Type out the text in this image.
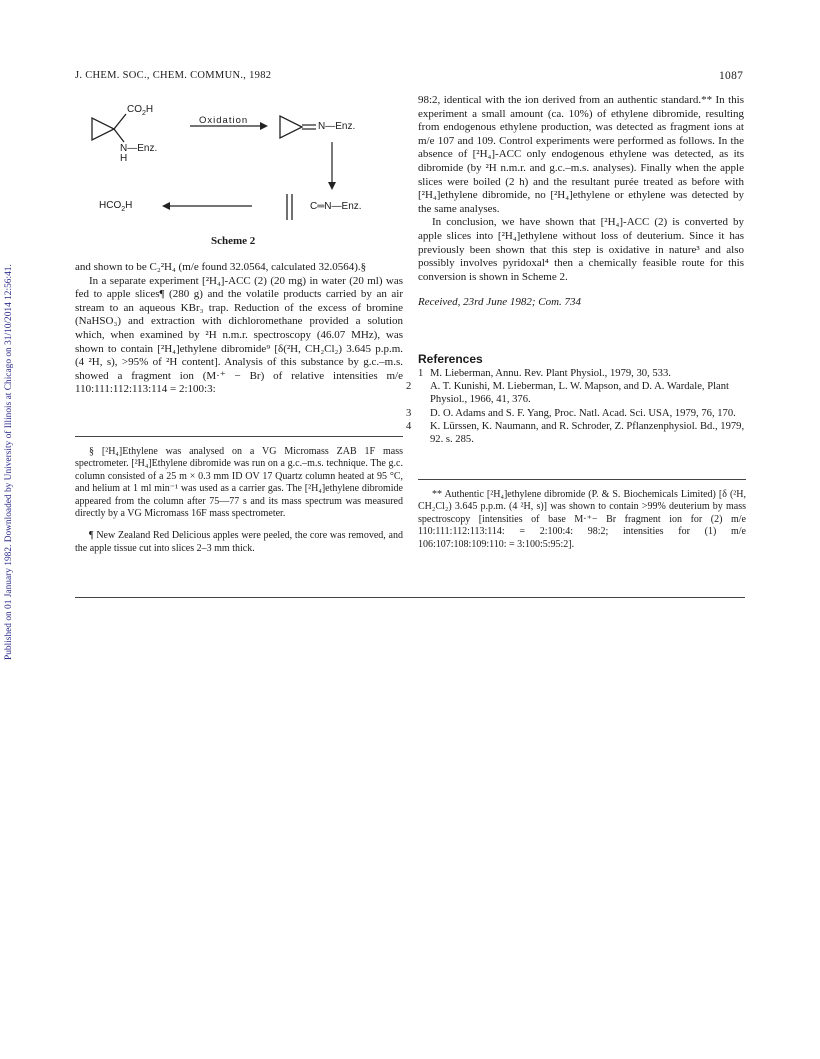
Published on 01 January 1982. Downloaded by University of Illinois at Chicago on 31/10/2014 12:56:41.
J. CHEM. SOC., CHEM. COMMUN., 1982	1087
$CO_2H$
N—Enz.
H
Oxidation
N—Enz.
$HCO_2H$	C═N—Enz.
Scheme 2

and shown to be C₂²H₄ (m/e found 32.0564, calculated 32.0564).§

In a separate experiment [²H₄]-ACC (2) (20 mg) in water (20 ml) was fed to apple slices¶ (280 g) and the volatile products carried by an air stream to an aqueous KBr₃ trap. Reduction of the excess of bromine (NaHSO₃) and extraction with dichloromethane provided a solution which, when examined by ²H n.m.r. spectroscopy (46.07 MHz), was shown to contain [²H₄]ethylene dibromide⁹ [δ(²H, CH₂Cl₂) 3.645 p.p.m. (4 ²H, s), >95% of ²H content]. Analysis of this substance by g.c.–m.s. showed a fragment ion (M·⁺ − Br) of relative intensities m/e 110:111:112:113:114 = 2:100:3:

§ [²H₄]Ethylene was analysed on a VG Micromass ZAB 1F mass spectrometer. [²H₄]Ethylene dibromide was run on a g.c.–m.s. technique. The g.c. column consisted of a 25 m × 0.3 mm ID OV 17 Quartz column heated at 95 °C, and helium at 1 ml min⁻¹ was used as a carrier gas. The [²H₄]ethylene dibromide appeared from the column after 75—77 s and its mass spectrum was measured directly by a VG Micromass 16F mass spectrometer.

¶ New Zealand Red Delicious apples were peeled, the core was removed, and the apple tissue cut into slices 2–3 mm thick.

98:2, identical with the ion derived from an authentic standard.** In this experiment a small amount (ca. 10%) of ethylene dibromide, resulting from endogenous ethylene production, was detected as fragment ions at m/e 107 and 109. Control experiments were performed as follows. In the absence of [²H₄]-ACC only endogenous ethylene was detected, as its dibromide (by ²H n.m.r. and g.c.–m.s. analyses). Finally when the apple slices were boiled (2 h) and the resultant purée treated as before with [²H₄]ethylene dibromide, no [²H₄]ethylene or ethylene was detected by the same analyses.

In conclusion, we have shown that [²H₄]-ACC (2) is converted by apple slices into [²H₄]ethylene without loss of deuterium. Since it has previously been shown that this step is oxidative in nature³ and also possibly involves pyridoxal⁴ then a chemically feasible route for this conversion is shown in Scheme 2.

Received, 23rd June 1982; Com. 734

References
1 M. Lieberman, Annu. Rev. Plant Physiol., 1979, 30, 533.
2 A. T. Kunishi, M. Lieberman, L. W. Mapson, and D. A. Wardale, Plant Physiol., 1966, 41, 376.
3 D. O. Adams and S. F. Yang, Proc. Natl. Acad. Sci. USA, 1979, 76, 170.
4 K. Lürssen, K. Naumann, and R. Schroder, Z. Pflanzenphysiol. Bd., 1979, 92. s. 285.

** Authentic [²H₄]ethylene dibromide (P. & S. Biochemicals Limited) [δ (²H, CH₂Cl₂) 3.645 p.p.m. (4 ²H, s)] was shown to contain >99% deuterium by mass spectroscopy [intensities of base M·⁺− Br fragment ion for (2) m/e 110:111:112:113:114: = 2:100:4: 98:2; intensities for (1) m/e 106:107:108:109:110: = 3:100:5:95:2].
